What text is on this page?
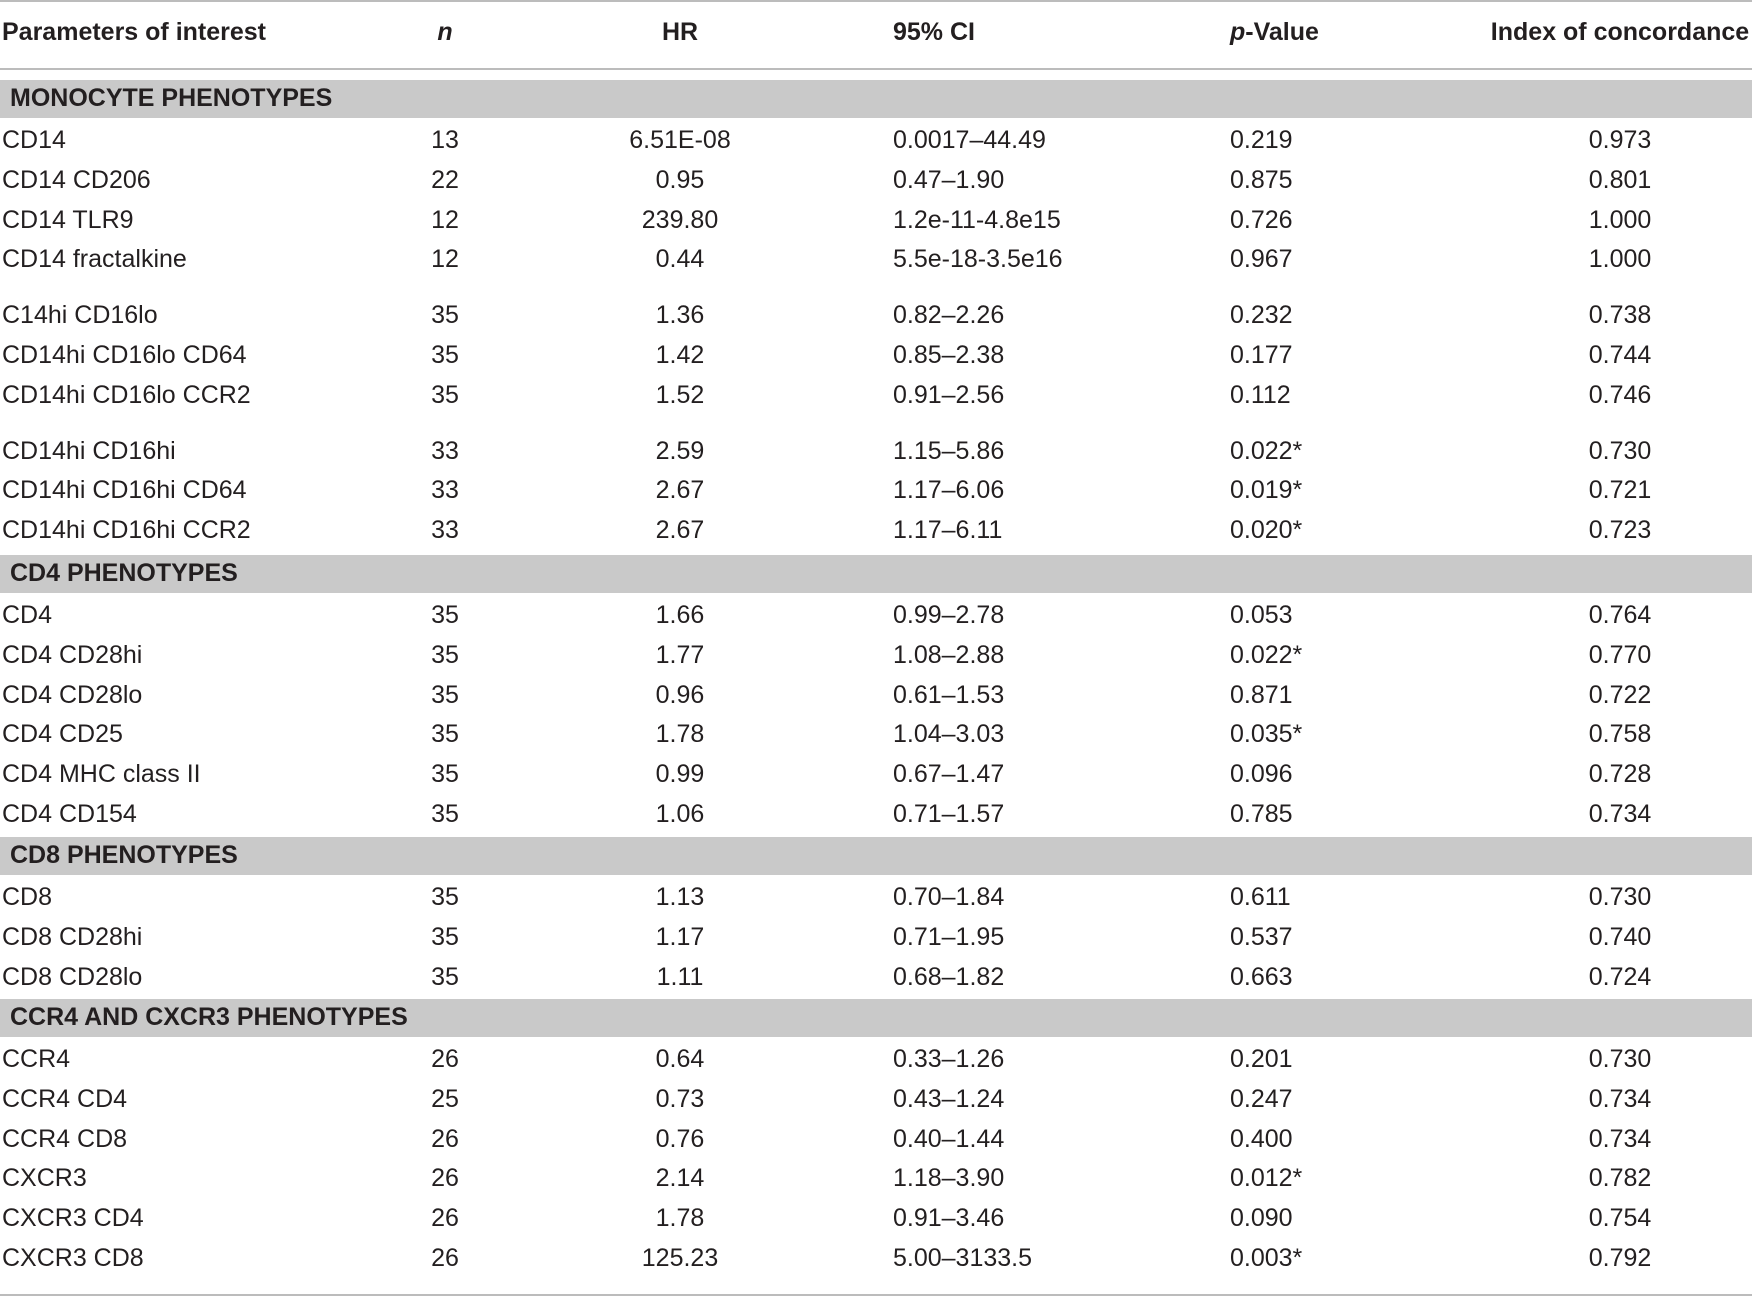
Parameters of interest	n	HR	95% CI	p-Value	Index of concordance
MONOCYTE PHENOTYPES
CD14	13	6.51E-08	0.0017–44.49	0.219	0.973
CD14 CD206	22	0.95	0.47–1.90	0.875	0.801
CD14 TLR9	12	239.80	1.2e-11-4.8e15	0.726	1.000
CD14 fractalkine	12	0.44	5.5e-18-3.5e16	0.967	1.000
C14hi CD16lo	35	1.36	0.82–2.26	0.232	0.738
CD14hi CD16lo CD64	35	1.42	0.85–2.38	0.177	0.744
CD14hi CD16lo CCR2	35	1.52	0.91–2.56	0.112	0.746
CD14hi CD16hi	33	2.59	1.15–5.86	0.022*	0.730
CD14hi CD16hi CD64	33	2.67	1.17–6.06	0.019*	0.721
CD14hi CD16hi CCR2	33	2.67	1.17–6.11	0.020*	0.723
CD4 PHENOTYPES
CD4	35	1.66	0.99–2.78	0.053	0.764
CD4 CD28hi	35	1.77	1.08–2.88	0.022*	0.770
CD4 CD28lo	35	0.96	0.61–1.53	0.871	0.722
CD4 CD25	35	1.78	1.04–3.03	0.035*	0.758
CD4 MHC class II	35	0.99	0.67–1.47	0.096	0.728
CD4 CD154	35	1.06	0.71–1.57	0.785	0.734
CD8 PHENOTYPES
CD8	35	1.13	0.70–1.84	0.611	0.730
CD8 CD28hi	35	1.17	0.71–1.95	0.537	0.740
CD8 CD28lo	35	1.11	0.68–1.82	0.663	0.724
CCR4 AND CXCR3 PHENOTYPES
CCR4	26	0.64	0.33–1.26	0.201	0.730
CCR4 CD4	25	0.73	0.43–1.24	0.247	0.734
CCR4 CD8	26	0.76	0.40–1.44	0.400	0.734
CXCR3	26	2.14	1.18–3.90	0.012*	0.782
CXCR3 CD4	26	1.78	0.91–3.46	0.090	0.754
CXCR3 CD8	26	125.23	5.00–3133.5	0.003*	0.792
